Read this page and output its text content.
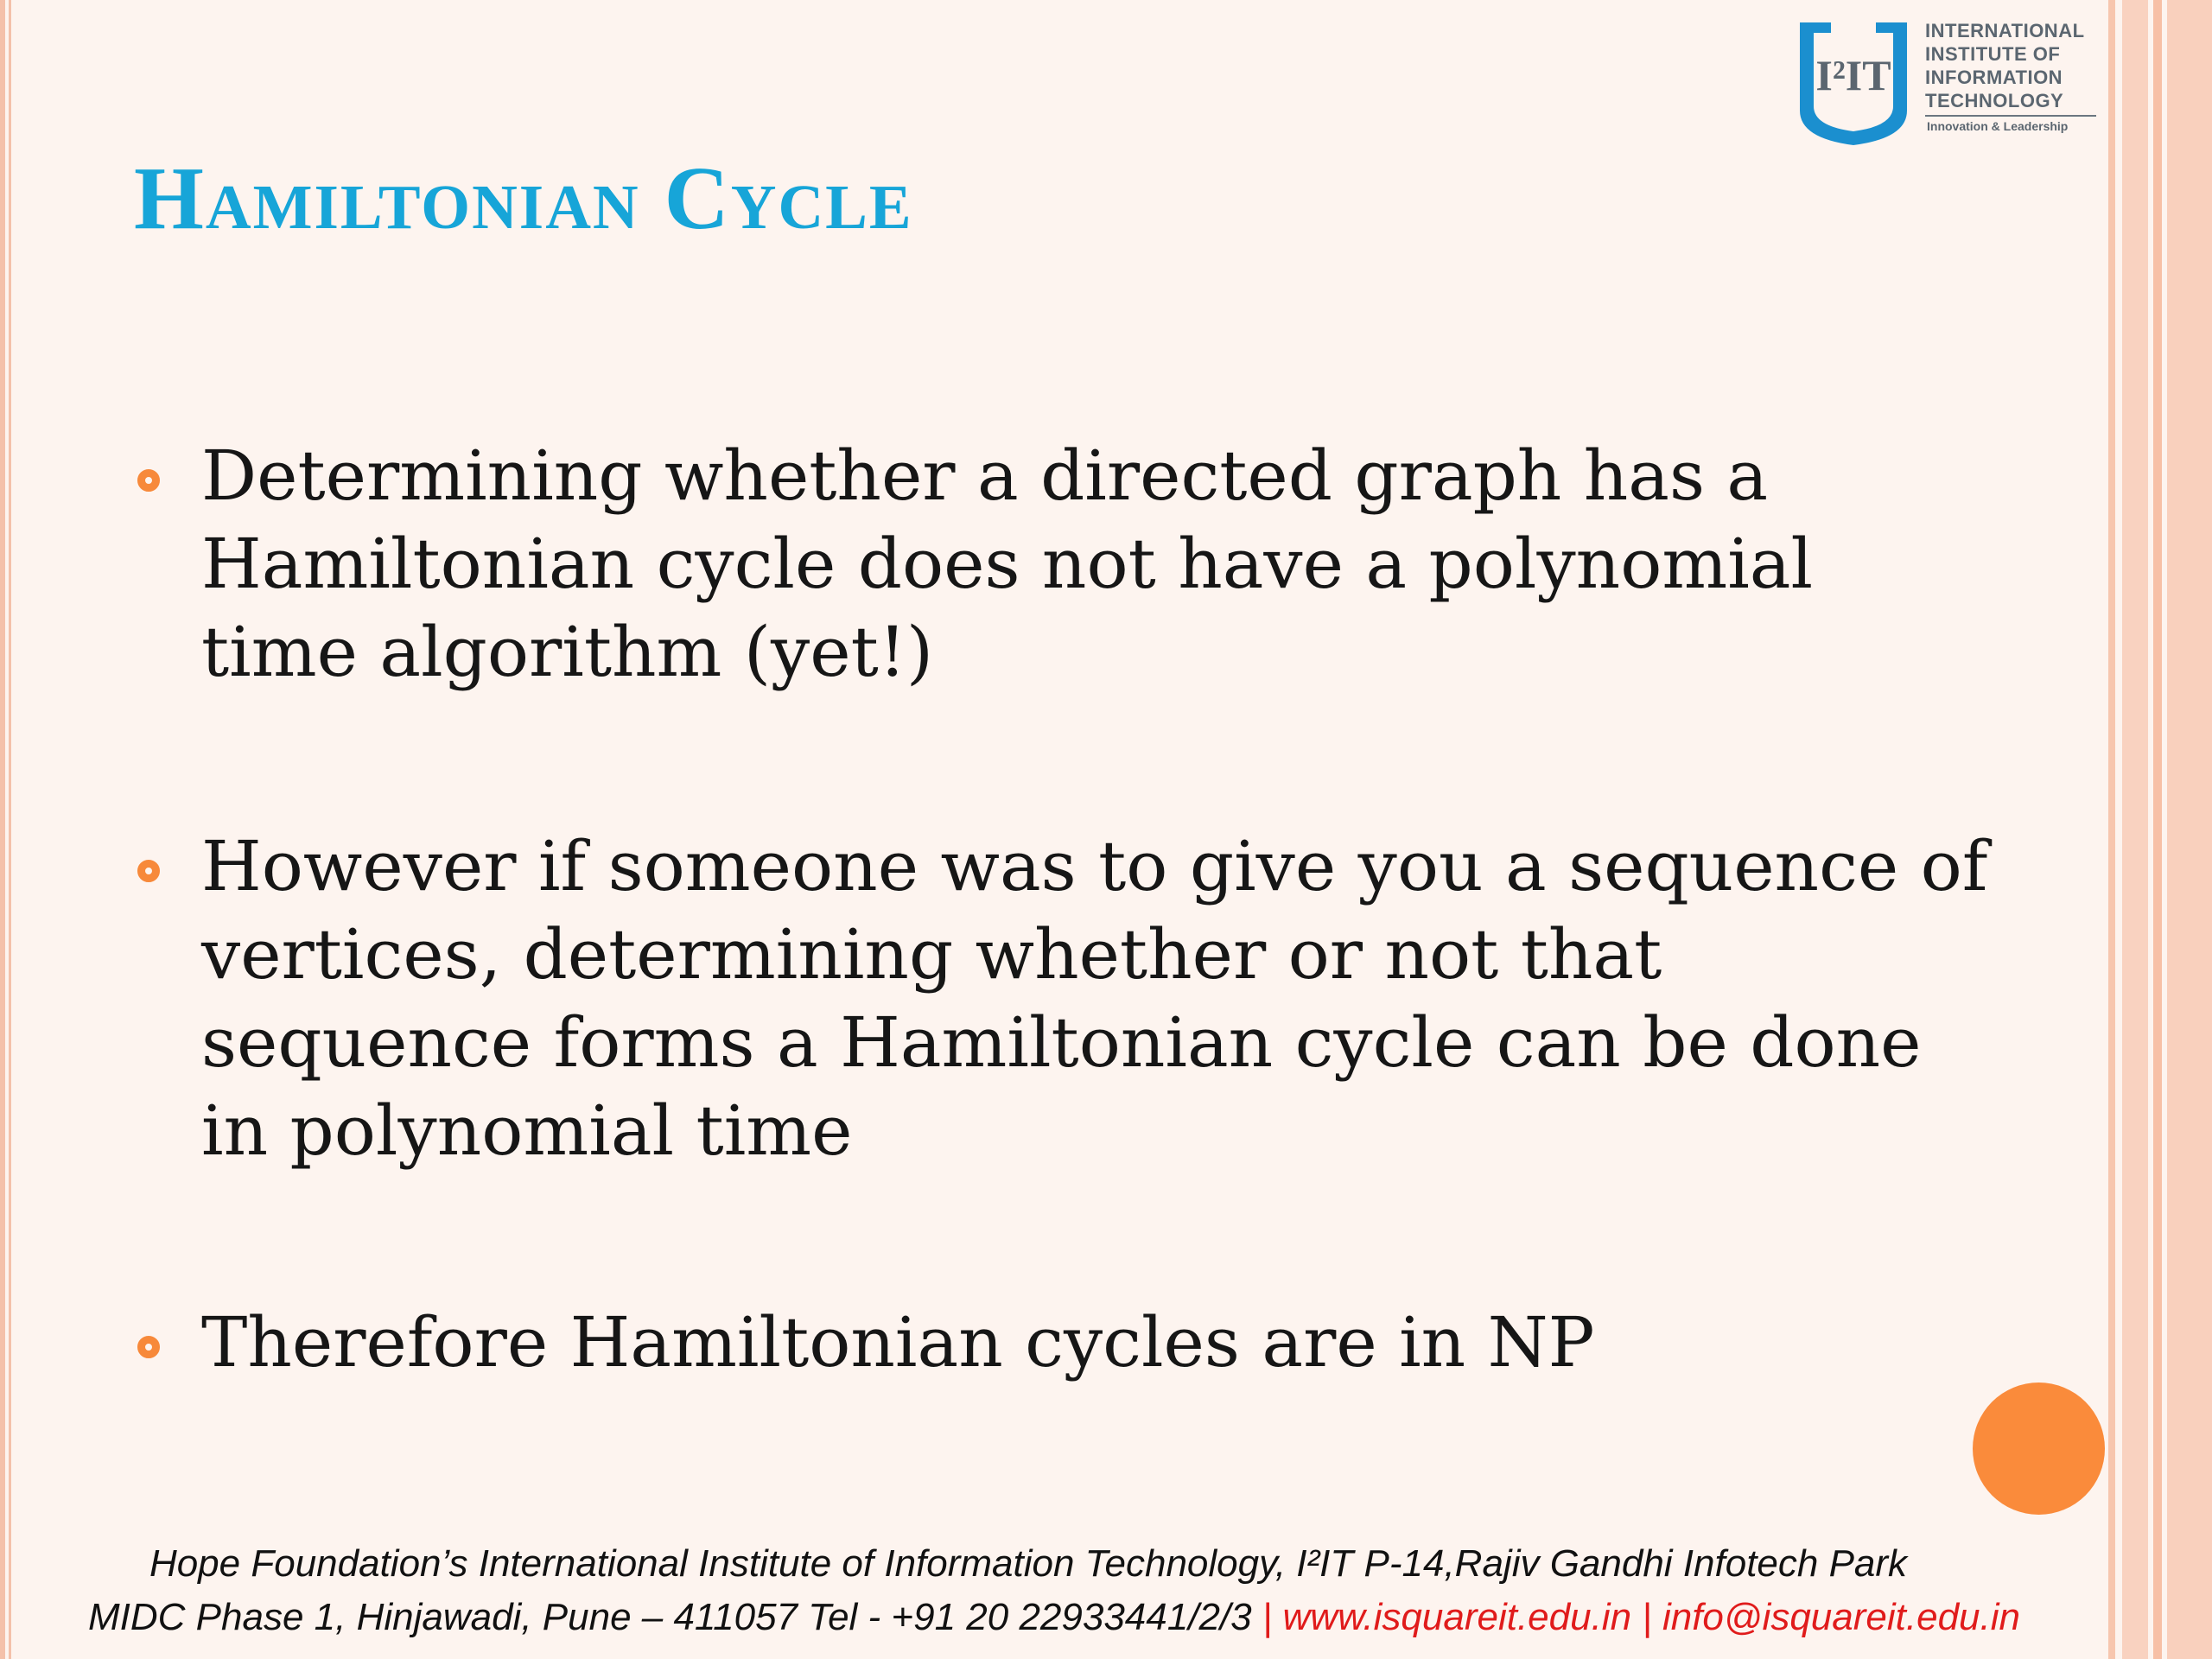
I²IT
INTERNATIONAL
INSTITUTE OF
INFORMATION
TECHNOLOGY
Innovation & Leadership
Hamiltonian Cycle
Determining whether a directed graph has a
Hamiltonian cycle does not have a polynomial
time algorithm (yet!)
However if someone was to give you a sequence of
vertices, determining whether or not that
sequence forms a Hamiltonian cycle can be done
in polynomial time
Therefore Hamiltonian cycles are in NP
Hope Foundation’s International Institute of Information Technology, I²IT P-14,Rajiv Gandhi Infotech Park
MIDC Phase 1, Hinjawadi, Pune – 411057 Tel - +91 20 22933441/2/3 | www.isquareit.edu.in | info@isquareit.edu.in
